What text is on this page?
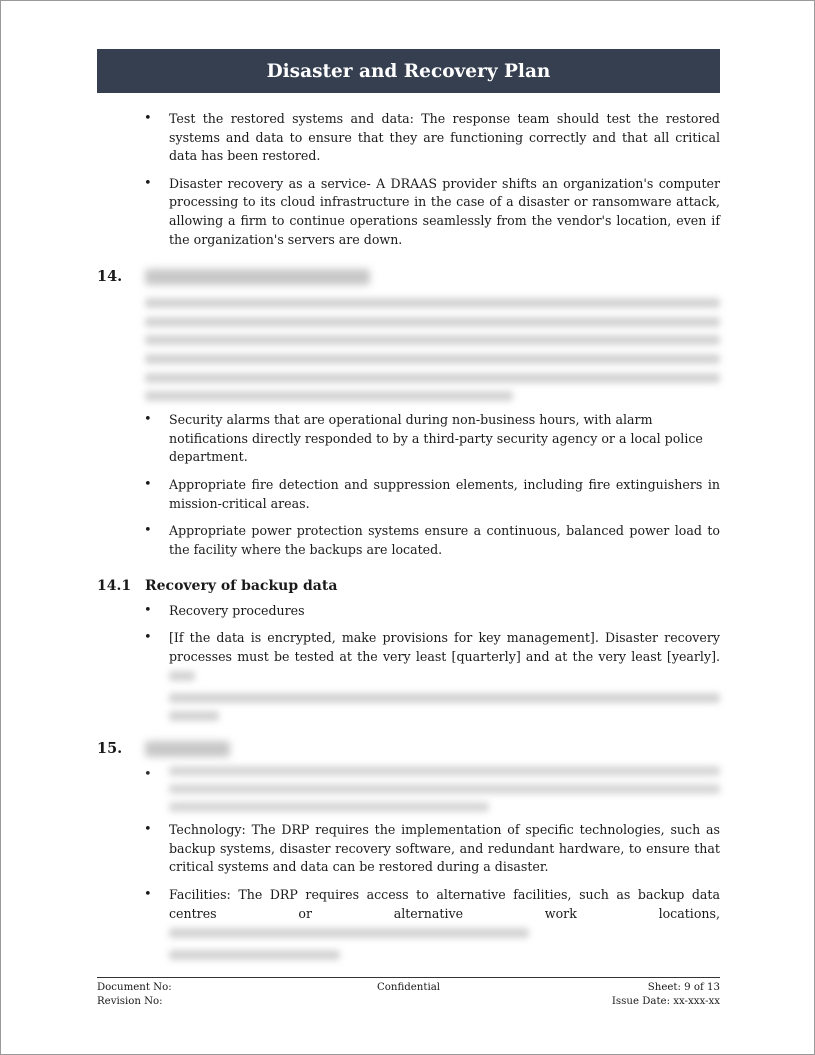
Disaster and Recovery Plan
• Test the restored systems and data: The response team should test the restored systems and data to ensure that they are functioning correctly and that all critical data has been restored.
• Disaster recovery as a service- A DRAAS provider shifts an organization's computer processing to its cloud infrastructure in the case of a disaster or ransomware attack, allowing a firm to continue operations seamlessly from the vendor's location, even if the organization's servers are down.
14.
• Security alarms that are operational during non-business hours, with alarm notifications directly responded to by a third-party security agency or a local police department.
• Appropriate fire detection and suppression elements, including fire extinguishers in mission-critical areas.
• Appropriate power protection systems ensure a continuous, balanced power load to the facility where the backups are located.
14.1 Recovery of backup data
• Recovery procedures
• [If the data is encrypted, make provisions for key management]. Disaster recovery processes must be tested at the very least [quarterly] and at the very least [yearly].
15.
•
• Technology: The DRP requires the implementation of specific technologies, such as backup systems, disaster recovery software, and redundant hardware, to ensure that critical systems and data can be restored during a disaster.
• Facilities: The DRP requires access to alternative facilities, such as backup data centres or alternative work locations,
Document No:	Confidential	Sheet: 9 of 13
Revision No:	Issue Date: xx-xxx-xx
